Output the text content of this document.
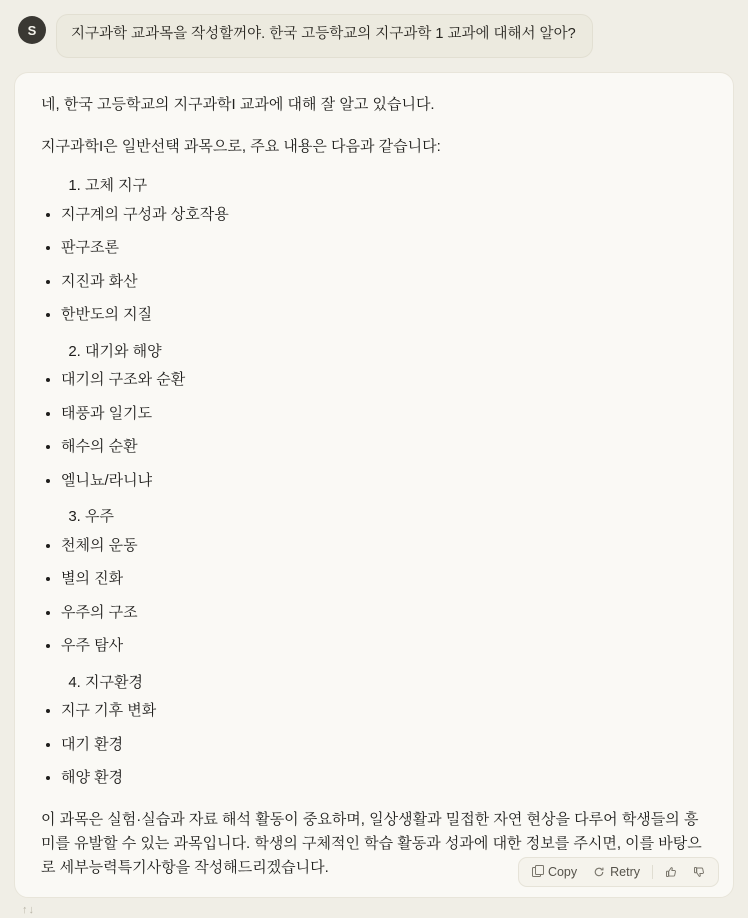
S	지구과학 교과목을 작성할꺼야. 한국 고등학교의 지구과학 1 교과에 대해서 알아?

네, 한국 고등학교의 지구과학I 교과에 대해 잘 알고 있습니다.

지구과학I은 일반선택 과목으로, 주요 내용은 다음과 같습니다:

1. 고체 지구
• 지구계의 구성과 상호작용
• 판구조론
• 지진과 화산
• 한반도의 지질
2. 대기와 해양
• 대기의 구조와 순환
• 태풍과 일기도
• 해수의 순환
• 엘니뇨/라니냐
3. 우주
• 천체의 운동
• 별의 진화
• 우주의 구조
• 우주 탐사
4. 지구환경
• 지구 기후 변화
• 대기 환경
• 해양 환경

이 과목은 실험·실습과 자료 해석 활동이 중요하며, 일상생활과 밀접한 자연 현상을 다루어 학생들의 흥미를 유발할 수 있는 과목입니다. 학생의 구체적인 학습 활동과 성과에 대한 정보를 주시면, 이를 바탕으로 세부능력특기사항을 작성해드리겠습니다.	Copy	Retry
↑↓
